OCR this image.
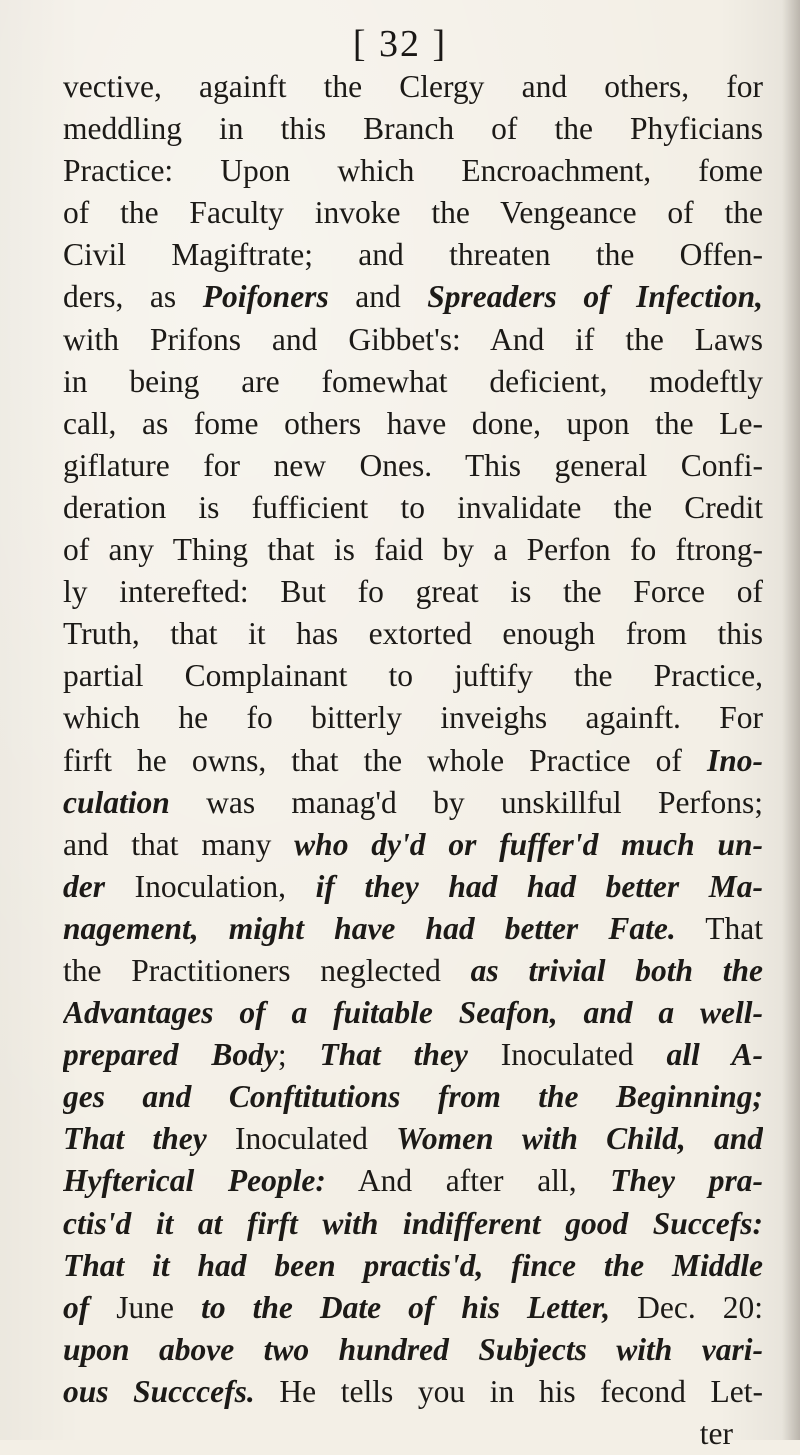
[ 32 ]
vective, againft the Clergy and others, for
meddling in this Branch of the Phyficians
Practice: Upon which Encroachment, fome
of the Faculty invoke the Vengeance of the
Civil Magiftrate; and threaten the Offen-
ders, as Poifoners and Spreaders of Infection,
with Prifons and Gibbet's: And if the Laws
in being are fomewhat deficient, modeftly
call, as fome others have done, upon the Le-
giflature for new Ones. This general Confi-
deration is fufficient to invalidate the Credit
of any Thing that is faid by a Perfon fo ftrong-
ly interefted: But fo great is the Force of
Truth, that it has extorted enough from this
partial Complainant to juftify the Practice,
which he fo bitterly inveighs againft. For
firft he owns, that the whole Practice of Ino-
culation was manag'd by unskillful Perfons;
and that many who dy'd or fuffer'd much un-
der Inoculation, if they had had better Ma-
nagement, might have had better Fate. That
the Practitioners neglected as trivial both the
Advantages of a fuitable Seafon, and a well-
prepared Body; That they Inoculated all A-
ges and Conftitutions from the Beginning;
That they Inoculated Women with Child, and
Hyfterical People: And after all, They pra-
ctis'd it at firft with indifferent good Succefs:
That it had been practis'd, fince the Middle
of June to the Date of his Letter, Dec. 20:
upon above two hundred Subjects with vari-
ous Succcefs. He tells you in his fecond Let-
ter
